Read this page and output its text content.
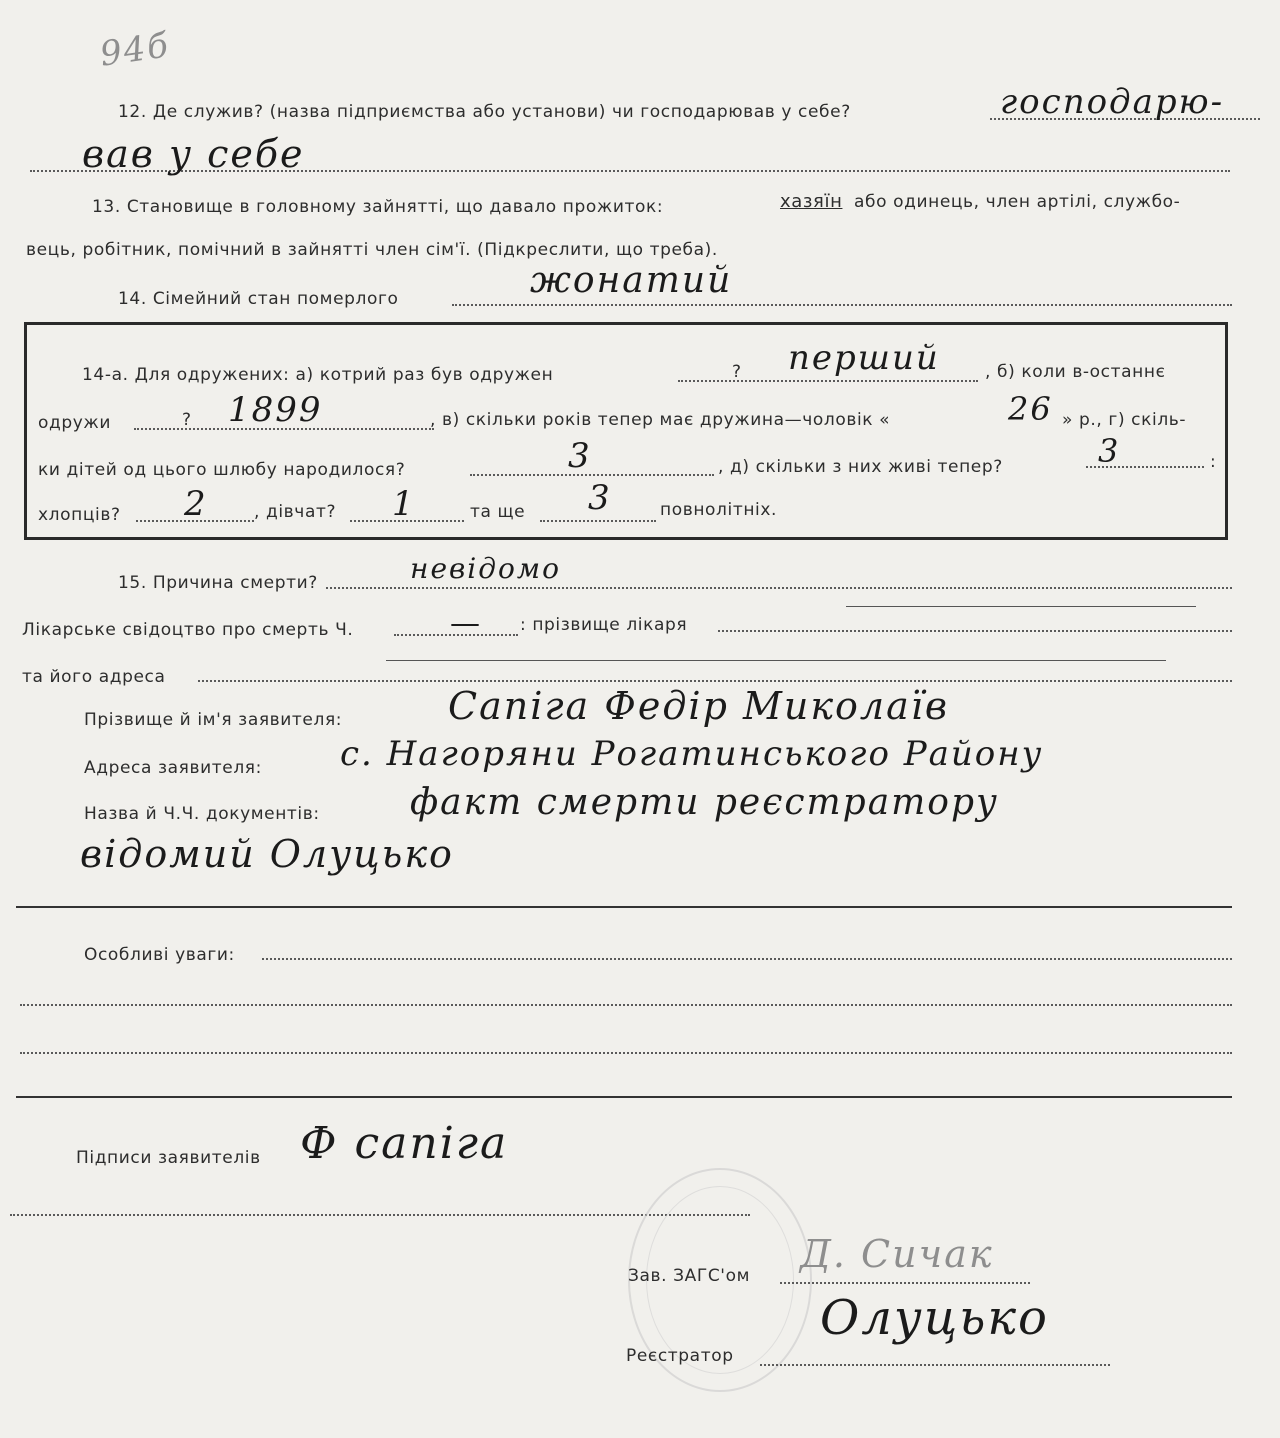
94б
12. Де служив? (назва підприємства або установи) чи господарював у себе?	господарю-
вав у себе
13. Становище в головному зайнятті, що давало прожиток:	хазяїн або одинець, член артілі, службо-
вець, робітник, помічний в зайнятті член сім'ї. (Підкреслити, що треба).
14. Сімейний стан померлого	жонатий
14-а. Для одружених: а) котрий раз був одружен	? перший	, б) коли в-останнє
одружи	? 1899	, в) скільки років тепер має дружина—чоловік «	26 » р., г) скіль-
ки дітей од цього шлюбу народилося?	3	, д) скільки з них живі тепер?	3	:
хлопців? 2	, дівчат? 1	та ще 3	повнолітніх.
15. Причина смерти?	невідомо
Лікарське свідоцтво про смерть Ч.	— : прізвище лікаря
та його адреса
Прізвище й ім'я заявителя:	Сапіга Федір Миколаїв
Адреса заявителя: с. Нагоряни Рогатинського Району
Назва й Ч.Ч. документів:	факт смерти реєстратору
відомий Олуцько
Особливі уваги:
Підписи заявителів Ф сапіга
Зав. ЗАГС'ом Д. Сичак
Реєстратор
Олуцько
